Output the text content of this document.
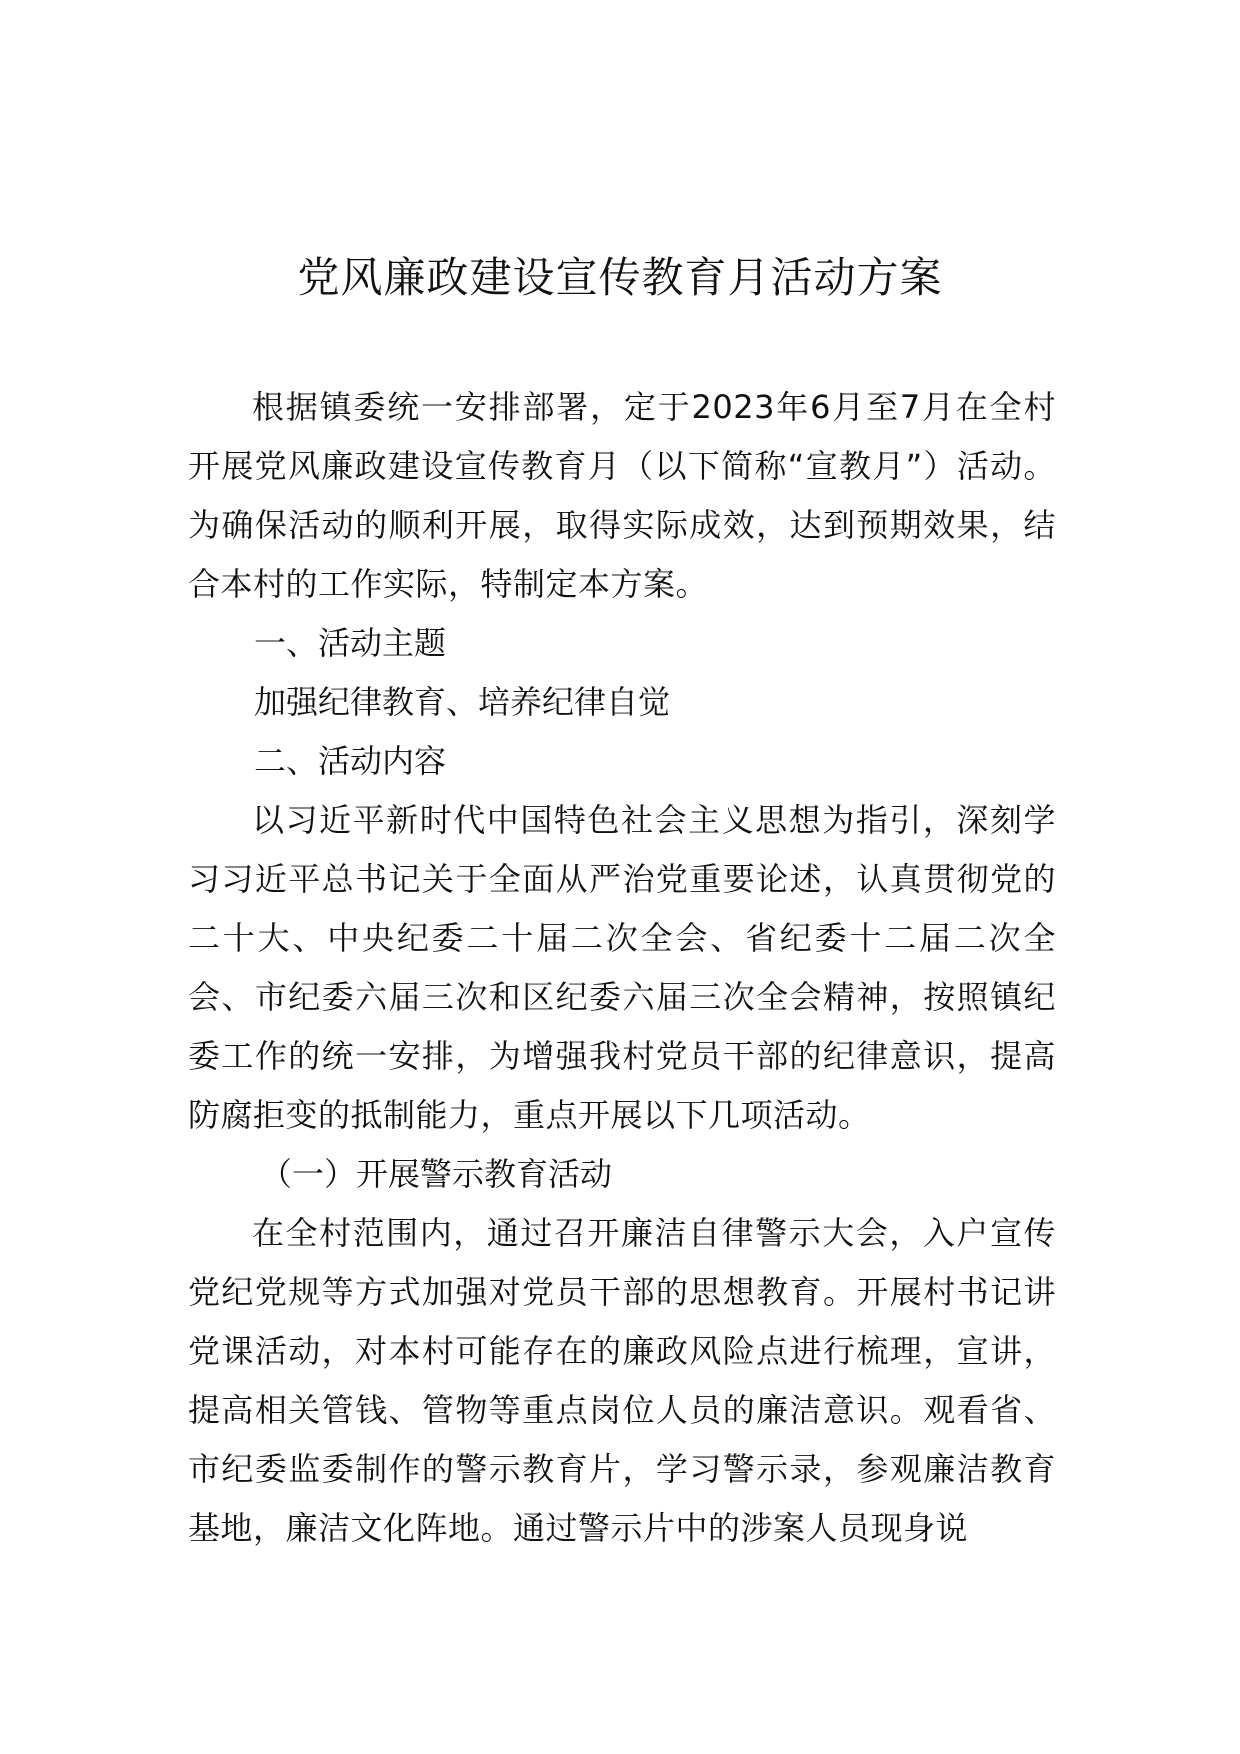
党风廉政建设宣传教育月活动方案

根据镇委统一安排部署，定于2023年6月至7月在全村开展党风廉政建设宣传教育月（以下简称“宣教月”）活动。为确保活动的顺利开展，取得实际成效，达到预期效果，结合本村的工作实际，特制定本方案。

一、活动主题

加强纪律教育、培养纪律自觉

二、活动内容

以习近平新时代中国特色社会主义思想为指引，深刻学习习近平总书记关于全面从严治党重要论述，认真贯彻党的二十大、中央纪委二十届二次全会、省纪委十二届二次全会、市纪委六届三次和区纪委六届三次全会精神，按照镇纪委工作的统一安排，为增强我村党员干部的纪律意识，提高防腐拒变的抵制能力，重点开展以下几项活动。

（一）开展警示教育活动

在全村范围内，通过召开廉洁自律警示大会，入户宣传党纪党规等方式加强对党员干部的思想教育。开展村书记讲党课活动，对本村可能存在的廉政风险点进行梳理，宣讲，提高相关管钱、管物等重点岗位人员的廉洁意识。观看省、市纪委监委制作的警示教育片，学习警示录，参观廉洁教育基地，廉洁文化阵地。通过警示片中的涉案人员现身说
